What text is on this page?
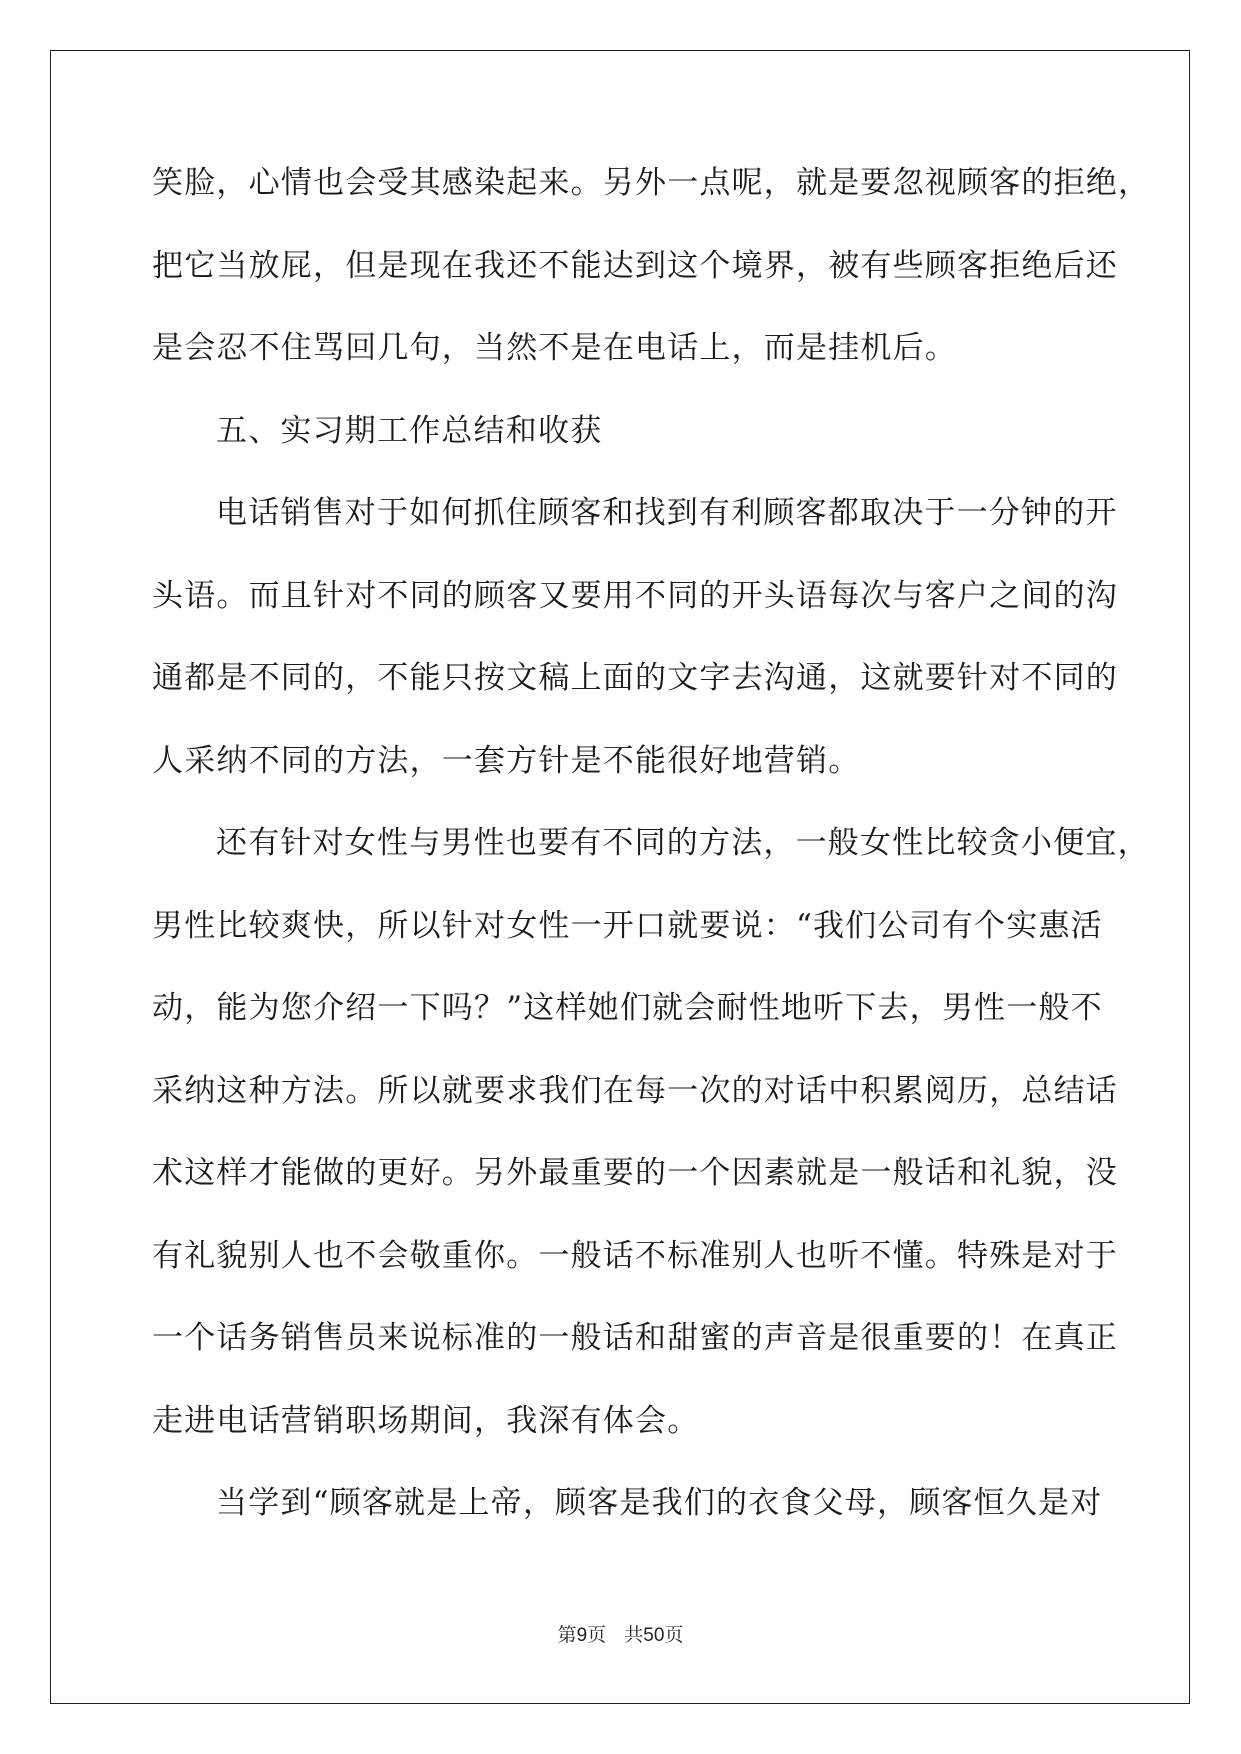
笑脸，心情也会受其感染起来。另外一点呢，就是要忽视顾客的拒绝，
把它当放屁，但是现在我还不能达到这个境界，被有些顾客拒绝后还
是会忍不住骂回几句，当然不是在电话上，而是挂机后。
五、实习期工作总结和收获
电话销售对于如何抓住顾客和找到有利顾客都取决于一分钟的开
头语。而且针对不同的顾客又要用不同的开头语每次与客户之间的沟
通都是不同的，不能只按文稿上面的文字去沟通，这就要针对不同的
人采纳不同的方法，一套方针是不能很好地营销。
还有针对女性与男性也要有不同的方法，一般女性比较贪小便宜，
男性比较爽快，所以针对女性一开口就要说：“我们公司有个实惠活
动，能为您介绍一下吗？”这样她们就会耐性地听下去，男性一般不
采纳这种方法。所以就要求我们在每一次的对话中积累阅历，总结话
术这样才能做的更好。另外最重要的一个因素就是一般话和礼貌，没
有礼貌别人也不会敬重你。一般话不标准别人也听不懂。特殊是对于
一个话务销售员来说标准的一般话和甜蜜的声音是很重要的！在真正
走进电话营销职场期间，我深有体会。
当学到“顾客就是上帝，顾客是我们的衣食父母，顾客恒久是对
第9页 共50页
